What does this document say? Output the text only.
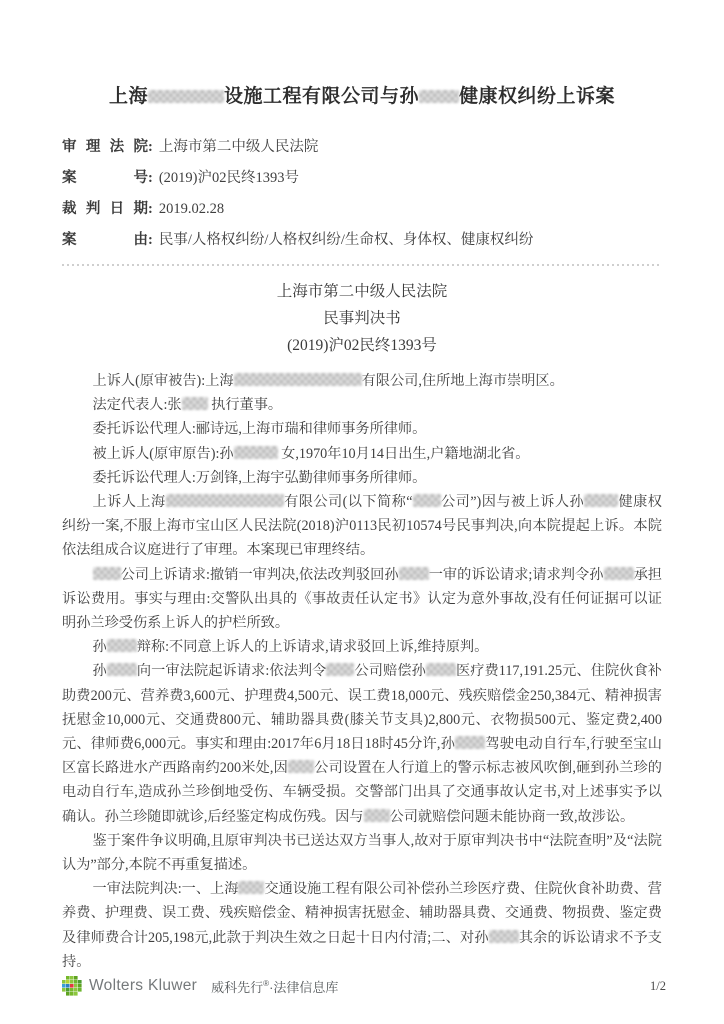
上海	设施工程有限公司与孙 健康权纠纷上诉案
审理法院: 上海市第二中级人民法院
案号: (2019)沪02民终1393号
裁判日期: 2019.02.28
案由: 民事/人格权纠纷/人格权纠纷/生命权、身体权、健康权纠纷
上海市第二中级人民法院
民事判决书
(2019)沪02民终1393号

上诉人(原审被告):上海	有限公司,住所地上海市崇明区。

法定代表人:张 执行董事。

委托诉讼代理人:郦诗远,上海市瑞和律师事务所律师。

被上诉人(原审原告):孙	女,1970年10月14日出生,户籍地湖北省。

委托诉讼代理人:万剑锋,上海宇弘勤律师事务所律师。

上诉人上海	有限公司(以下简称“ 公司”)因与被上诉人孙 健康权纠纷一案,不服上海市宝山区人民法院(2018)沪0113民初10574号民事判决,向本院提起上诉。本院依法组成合议庭进行了审理。本案现已审理终结。

公司上诉请求:撤销一审判决,依法改判驳回孙 一审的诉讼请求;请求判令孙 承担诉讼费用。事实与理由:交警队出具的《事故责任认定书》认定为意外事故,没有任何证据可以证明孙兰珍受伤系上诉人的护栏所致。

孙 辩称:不同意上诉人的上诉请求,请求驳回上诉,维持原判。

孙 向一审法院起诉请求:依法判令 公司赔偿孙 医疗费117,191.25元、住院伙食补助费200元、营养费3,600元、护理费4,500元、误工费18,000元、残疾赔偿金250,384元、精神损害抚慰金10,000元、交通费800元、辅助器具费(膝关节支具)2,800元、衣物损500元、鉴定费2,400元、律师费6,000元。事实和理由:2017年6月18日18时45分许,孙 驾驶电动自行车,行驶至宝山区富长路进水产西路南约200米处,因 公司设置在人行道上的警示标志被风吹倒,砸到孙兰珍的电动自行车,造成孙兰珍倒地受伤、车辆受损。交警部门出具了交通事故认定书,对上述事实予以确认。孙兰珍随即就诊,后经鉴定构成伤残。因与 公司就赔偿问题未能协商一致,故涉讼。

鉴于案件争议明确,且原审判决书已送达双方当事人,故对于原审判决书中“法院查明”及“法院认为”部分,本院不再重复描述。

一审法院判决:一、上海 交通设施工程有限公司补偿孙兰珍医疗费、住院伙食补助费、营养费、护理费、误工费、残疾赔偿金、精神损害抚慰金、辅助器具费、交通费、物损费、鉴定费及律师费合计205,198元,此款于判决生效之日起十日内付清;二、对孙 其余的诉讼请求不予支持。

Wolters Kluwer 威科先行®·法律信息库	1/2
